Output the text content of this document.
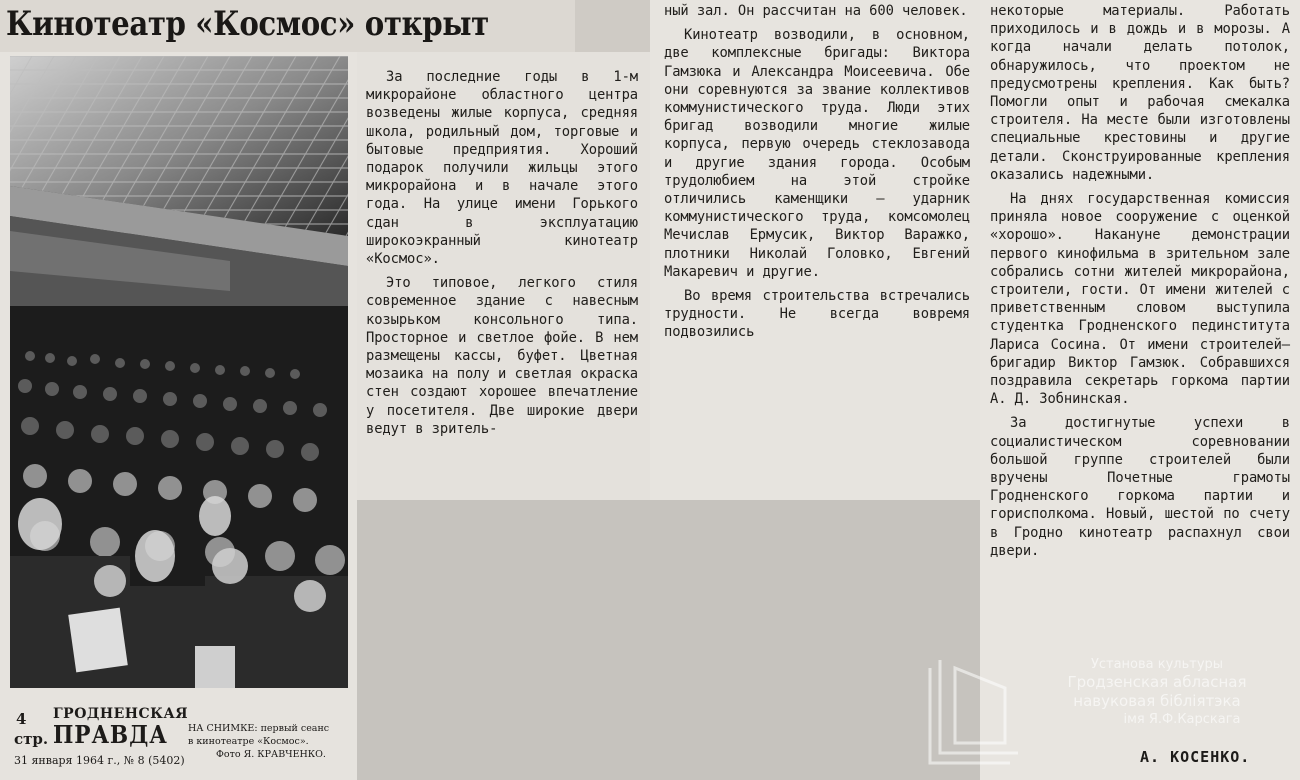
Кинотеатр «Космос» открыт
4
стр.
ГРОДНЕНСКАЯ
ПРАВДА
31 января 1964 г., № 8 (5402)
НА СНИМКЕ: первый сеанс
в кинотеатре «Космос».
Фото Я. КРАВЧЕНКО.

За последние годы в 1-м микрорайоне областного центра возведены жилые корпуса, средняя школа, родильный дом, торговые и бытовые предприятия. Хороший подарок получили жильцы этого микрорайона и в начале этого года. На улице имени Горького сдан в эксплуатацию широкоэкранный кинотеатр «Космос».

Это типовое, легкого стиля современное здание с навесным козырьком консольного типа. Просторное и светлое фойе. В нем размещены кассы, буфет. Цветная мозаика на полу и светлая окраска стен создают хорошее впечатление у посетителя. Две широкие двери ведут в зритель-

ный зал. Он рассчитан на 600 человек.

Кинотеатр возводили, в основном, две комплексные бригады: Виктора Гамзюка и Александра Моисеевича. Обе они соревнуются за звание коллективов коммунистического труда. Люди этих бригад возводили многие жилые корпуса, первую очередь стеклозавода и другие здания города. Особым трудолюбием на этой стройке отличились каменщики — ударник коммунистического труда, комсомолец Мечислав Ермусик, Виктор Варажко, плотники Николай Головко, Евгений Макаревич и другие.

Во время строительства встречались трудности. Не всегда вовремя подвозились

некоторые материалы. Работать приходилось и в дождь и в морозы. А когда начали делать потолок, обнаружилось, что проектом не предусмотрены крепления. Как быть? Помогли опыт и рабочая смекалка строителя. На месте были изготовлены специальные крестовины и другие детали. Сконструированные крепления оказались надежными.

На днях государственная комиссия приняла новое сооружение с оценкой «хорошо». Накануне демонстрации первого кинофильма в зрительном зале собрались сотни жителей микрорайона, строители, гости. От имени жителей с приветственным словом выступила студентка Гродненского пединститута Лариса Сосина. От имени строителей—бригадир Виктор Гамзюк. Собравшихся поздравила секретарь горкома партии А. Д. Зобнинская.

За достигнутые успехи в социалистическом соревновании большой группе строителей были вручены Почетные грамоты Гродненского горкома партии и горисполкома. Новый, шестой по счету в Гродно кинотеатр распахнул свои двери.

Установа культуры
Гродзенская абласная
навуковая бібліятэка
імя Я.Ф.Карскага
А. КОСЕНКО.
